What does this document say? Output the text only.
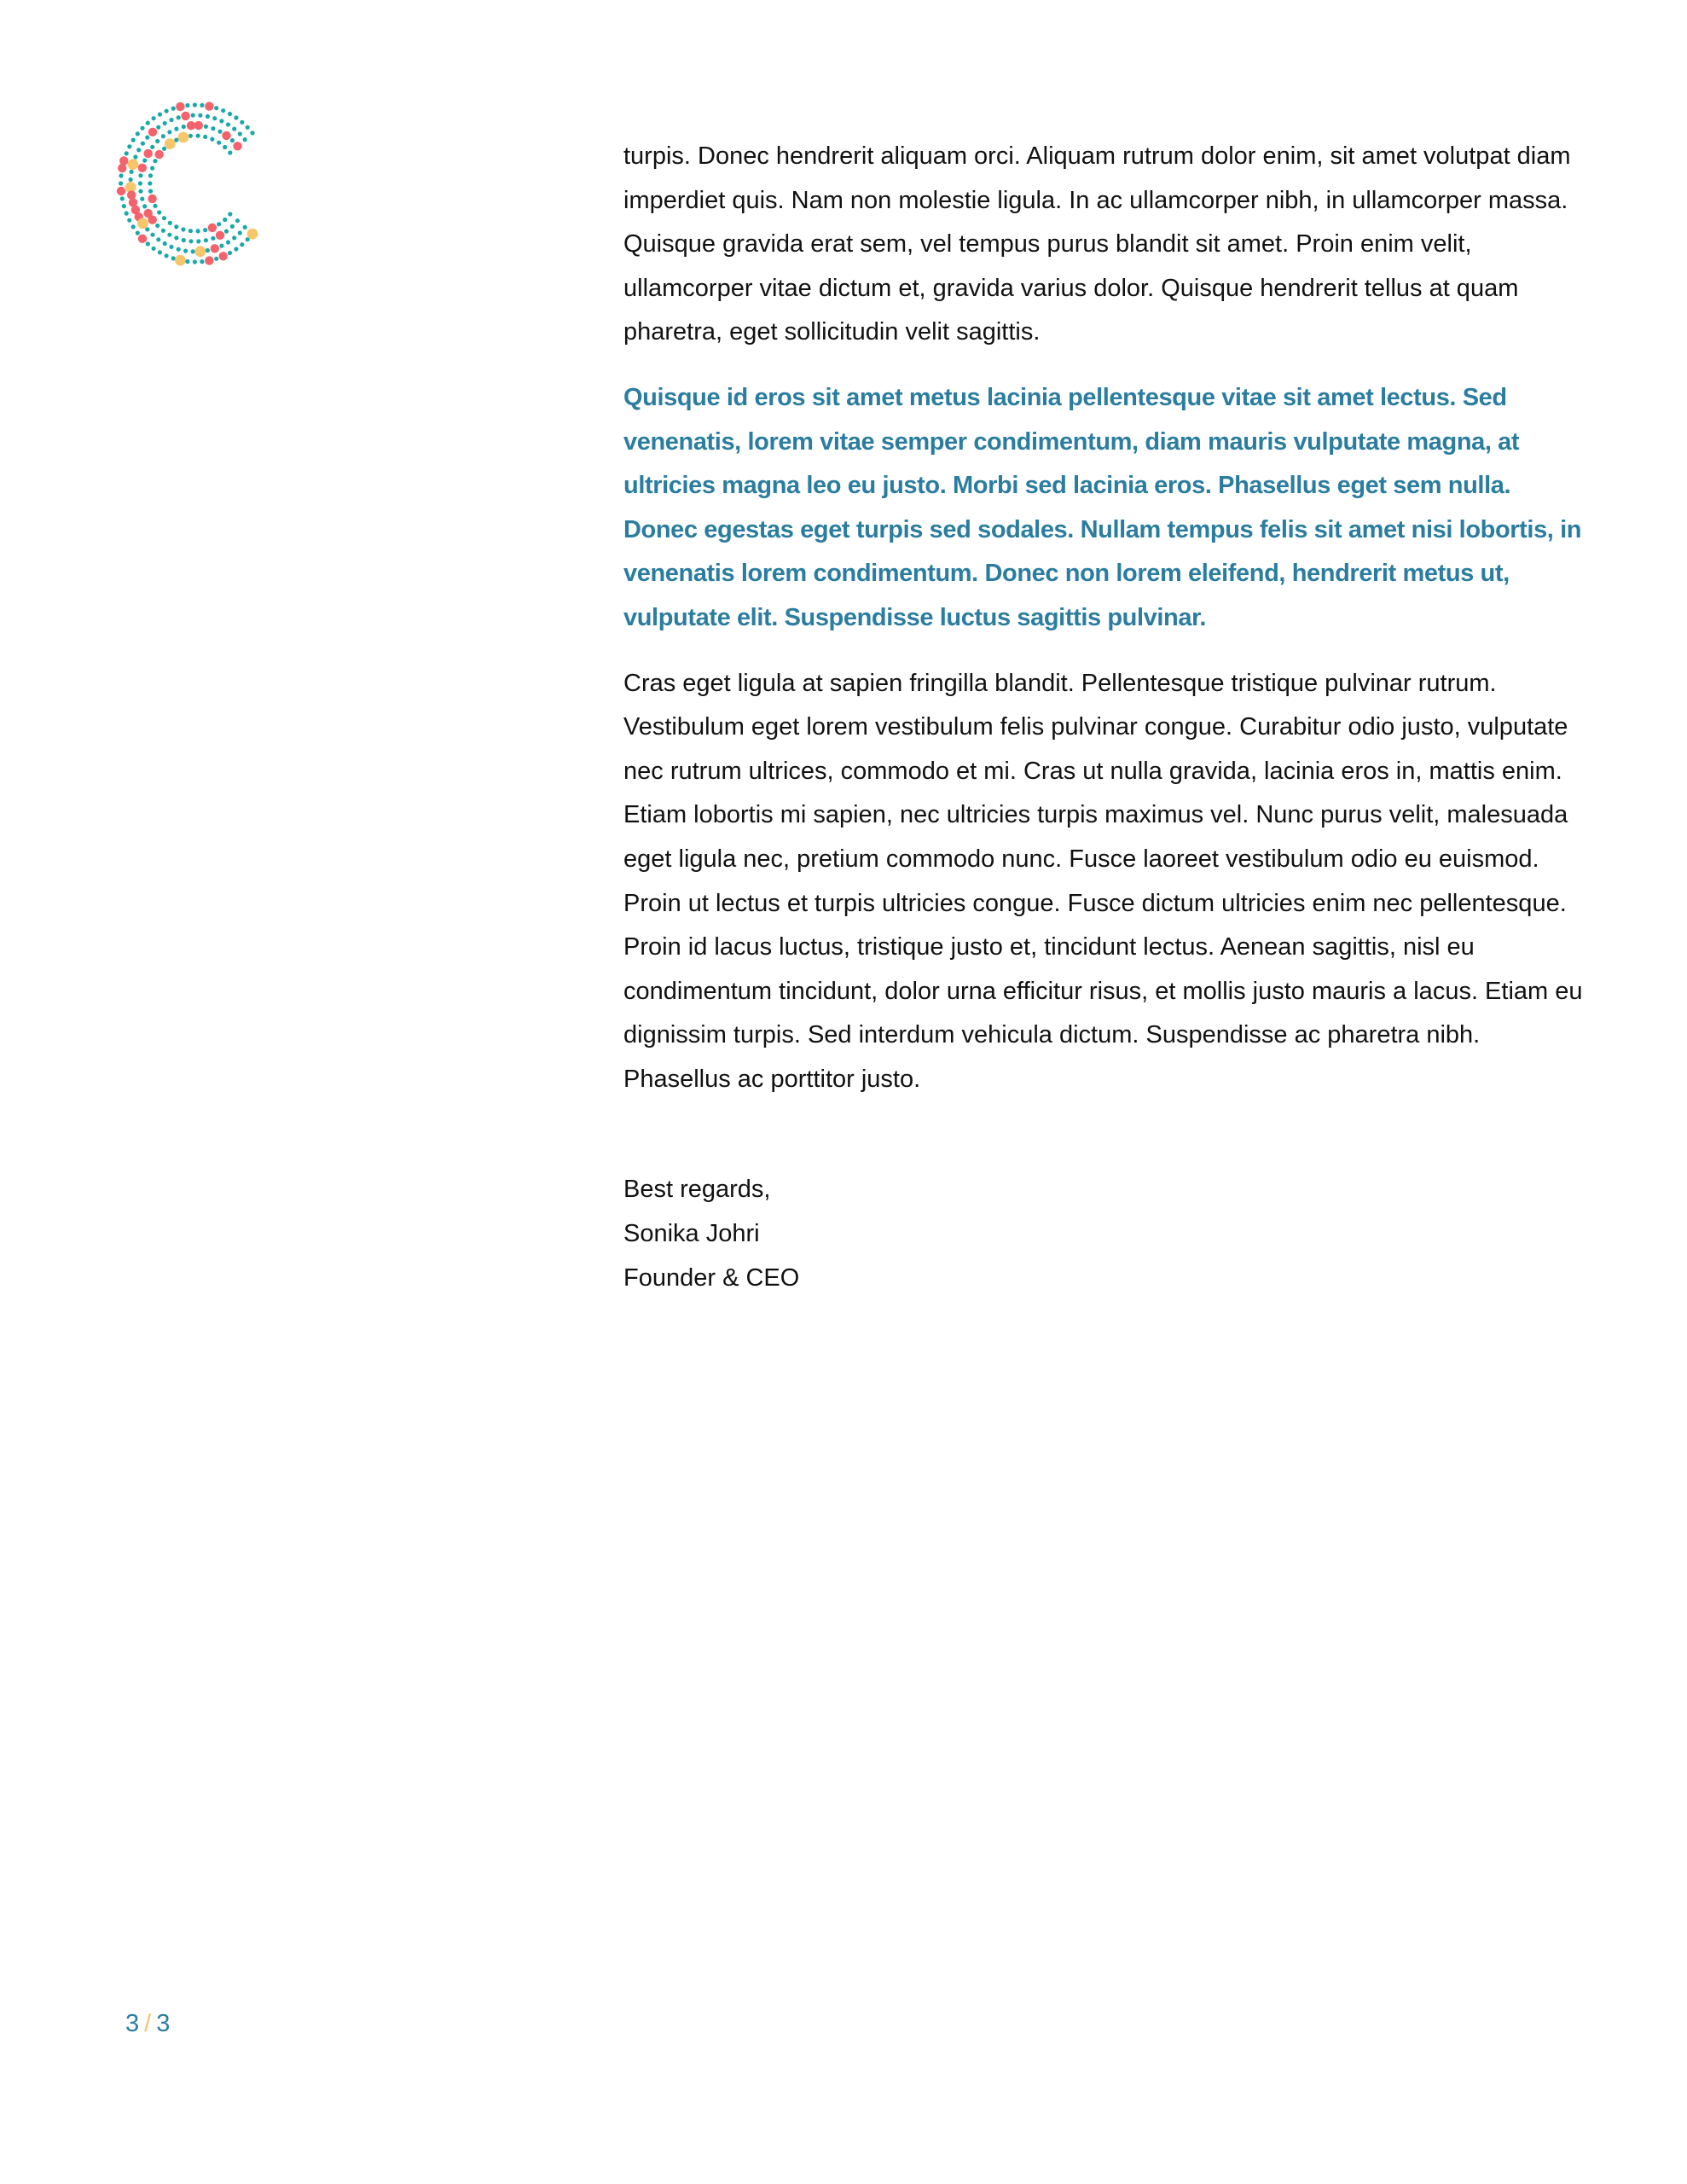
turpis. Donec hendrerit aliquam orci. Aliquam rutrum dolor enim, sit amet volutpat diam imperdiet quis. Nam non molestie ligula. In ac ullamcorper nibh, in ullamcorper massa. Quisque gravida erat sem, vel tempus purus blandit sit amet. Proin enim velit, ullamcorper vitae dictum et, gravida varius dolor. Quisque hendrerit tellus at quam pharetra, eget sollicitudin velit sagittis.

Quisque id eros sit amet metus lacinia pellentesque vitae sit amet lectus. Sed venenatis, lorem vitae semper condimentum, diam mauris vulputate magna, at ultricies magna leo eu justo. Morbi sed lacinia eros. Phasellus eget sem nulla. Donec egestas eget turpis sed sodales. Nullam tempus felis sit amet nisi lobortis, in venenatis lorem condimentum. Donec non lorem eleifend, hendrerit metus ut, vulputate elit. Suspendisse luctus sagittis pulvinar.

Cras eget ligula at sapien fringilla blandit. Pellentesque tristique pulvinar rutrum. Vestibulum eget lorem vestibulum felis pulvinar congue. Curabitur odio justo, vulputate nec rutrum ultrices, commodo et mi. Cras ut nulla gravida, lacinia eros in, mattis enim. Etiam lobortis mi sapien, nec ultricies turpis maximus vel. Nunc purus velit, malesuada eget ligula nec, pretium commodo nunc. Fusce laoreet vestibulum odio eu euismod. Proin ut lectus et turpis ultricies congue. Fusce dictum ultricies enim nec pellentesque. Proin id lacus luctus, tristique justo et, tincidunt lectus. Aenean sagittis, nisl eu condimentum tincidunt, dolor urna efficitur risus, et mollis justo mauris a lacus. Etiam eu dignissim turpis. Sed interdum vehicula dictum. Suspendisse ac pharetra nibh. Phasellus ac porttitor justo.

Best regards,
Sonika Johri
Founder & CEO
3 / 3
